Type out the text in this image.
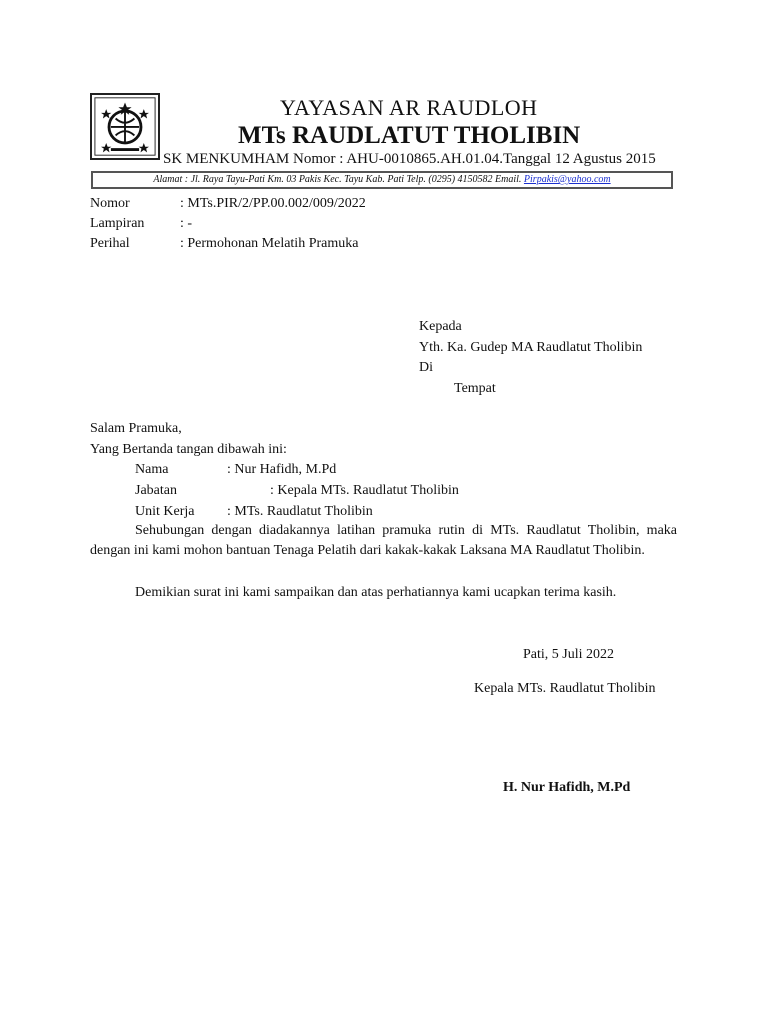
YAYASAN AR RAUDLOH
MTs RAUDLATUT THOLIBIN
SK MENKUMHAM Nomor : AHU-0010865.AH.01.04.Tanggal 12 Agustus 2015
Alamat : Jl. Raya Tayu-Pati Km. 03 Pakis Kec. Tayu Kab. Pati Telp. (0295) 4150582 Email. Pirpakis@yahoo.com
Nomor	: MTs.PIR/2/PP.00.002/009/2022
Lampiran	: -
Perihal	: Permohonan Melatih Pramuka
Kepada
Yth. Ka. Gudep MA Raudlatut Tholibin
Di
Tempat
Salam Pramuka,
Yang Bertanda tangan dibawah ini:
Nama	: Nur Hafidh, M.Pd
Jabatan	: Kepala MTs. Raudlatut Tholibin
Unit Kerja : MTs. Raudlatut Tholibin
Sehubungan dengan diadakannya latihan pramuka rutin di MTs. Raudlatut Tholibin, maka dengan ini kami mohon bantuan Tenaga Pelatih dari kakak-kakak Laksana MA Raudlatut Tholibin.
Demikian surat ini kami sampaikan dan atas perhatiannya kami ucapkan terima kasih.
Pati, 5 Juli 2022
Kepala MTs. Raudlatut Tholibin
H. Nur Hafidh, M.Pd
